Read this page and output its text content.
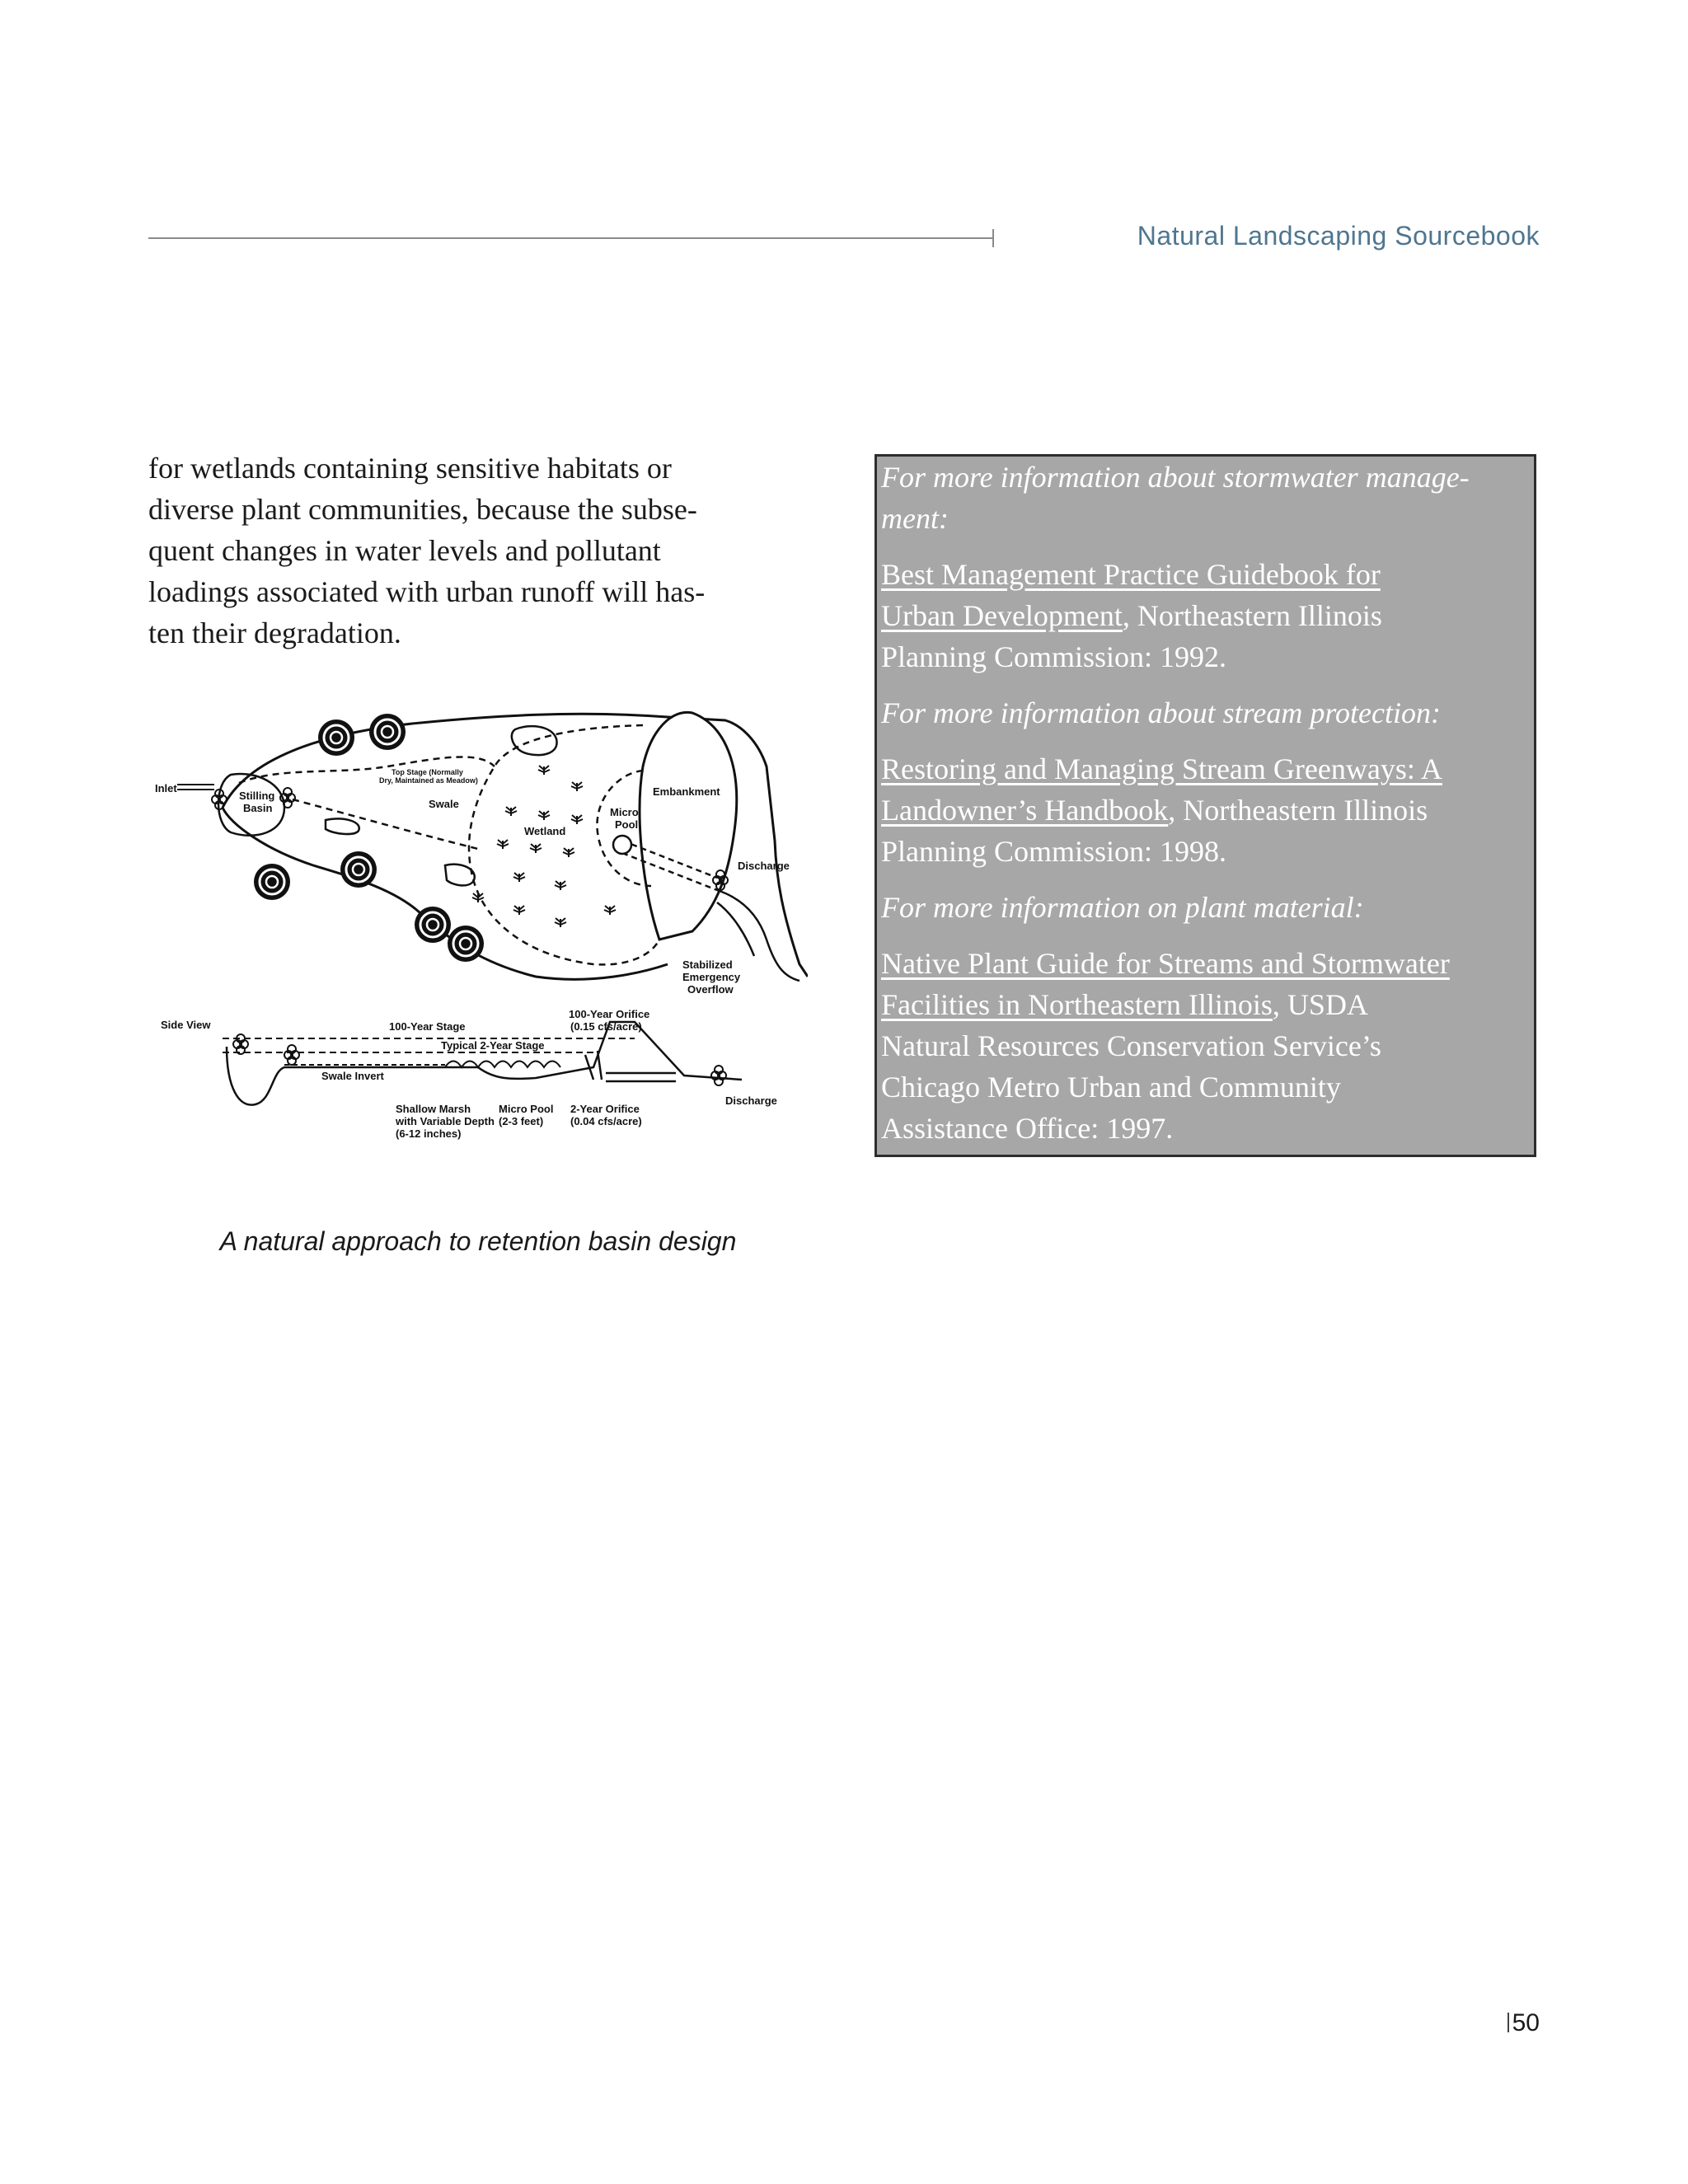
Natural Landscaping Sourcebook

for wetlands containing sensitive habitats or
diverse plant communities, because the subse-
quent changes in water levels and pollutant
loadings associated with urban runoff will has-
ten their degradation.

Inlet
Stilling
Basin
Top Stage (Normally
Dry, Maintained as Meadow)
Swale
Wetland
Micro
Pool
Embankment
Discharge
Stabilized
Emergency
Overflow
Side View	100-Year Stage
100-Year Orifice
(0.15 cfs/acre)
Typical 2-Year Stage
Swale Invert
Discharge
Shallow Marsh
with Variable Depth
(6-12 inches)
Micro Pool
(2-3 feet)
2-Year Orifice
(0.04 cfs/acre)
A natural approach to retention basin design

For more information about stormwater manage-
ment:

Best Management Practice Guidebook for
Urban Development, Northeastern Illinois
Planning Commission: 1992.

For more information about stream protection:

Restoring and Managing Stream Greenways: A
Landowner’s Handbook, Northeastern Illinois
Planning Commission: 1998.

For more information on plant material:

Native Plant Guide for Streams and Stormwater
Facilities in Northeastern Illinois, USDA
Natural Resources Conservation Service’s
Chicago Metro Urban and Community
Assistance Office: 1997.

50
